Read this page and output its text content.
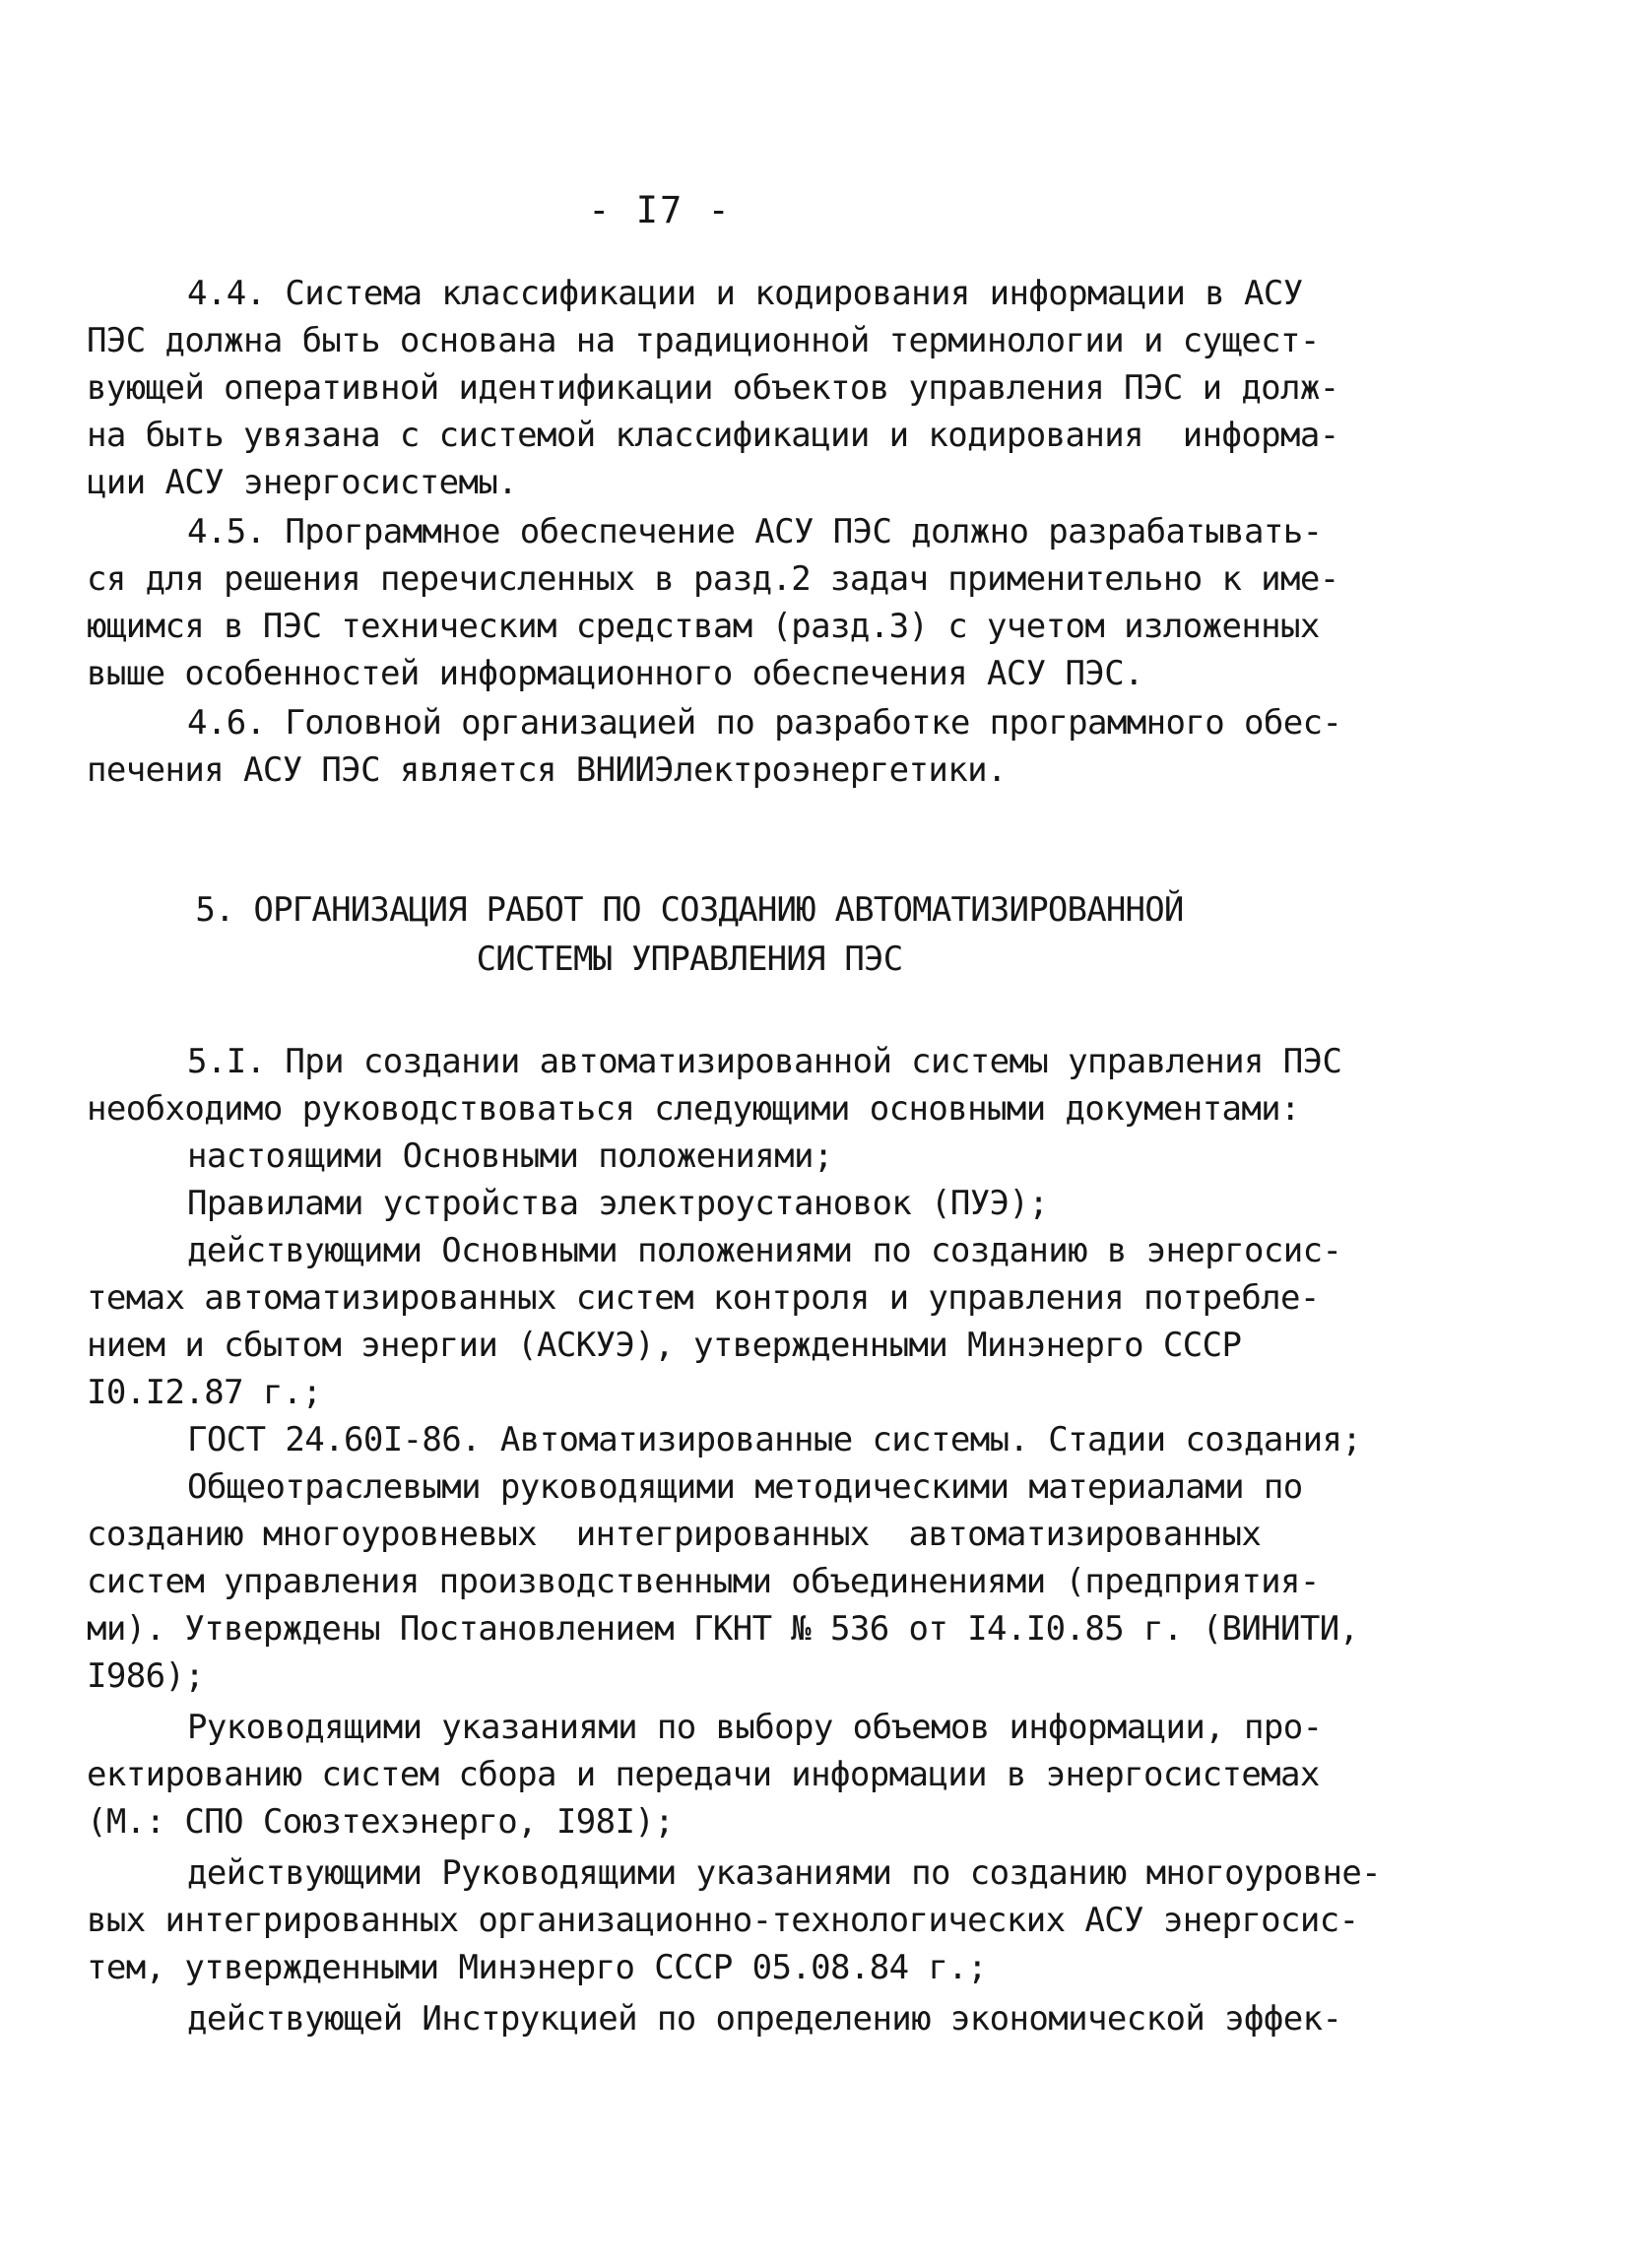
- I7 -
4.4. Система классификации и кодирования информации в АСУ
ПЭС должна быть основана на традиционной терминологии и сущест-
вующей оперативной идентификации объектов управления ПЭС и долж-
на быть увязана с системой классификации и кодирования  информа-
ции АСУ энергосистемы.
4.5. Программное обеспечение АСУ ПЭС должно разрабатывать-
ся для решения перечисленных в разд.2 задач применительно к име-
ющимся в ПЭС техническим средствам (разд.3) с учетом изложенных
выше особенностей информационного обеспечения АСУ ПЭС.
4.6. Головной организацией по разработке программного обес-
печения АСУ ПЭС является ВНИИЭлектроэнергетики.
5. ОРГАНИЗАЦИЯ РАБОТ ПО СОЗДАНИЮ АВТОМАТИЗИРОВАННОЙ
СИСТЕМЫ УПРАВЛЕНИЯ ПЭС
5.I. При создании автоматизированной системы управления ПЭС
необходимо руководствоваться следующими основными документами:
настоящими Основными положениями;
Правилами устройства электроустановок (ПУЭ);
действующими Основными положениями по созданию в энергосис-
темах автоматизированных систем контроля и управления потребле-
нием и сбытом энергии (АСКУЭ), утвержденными Минэнерго СССР
I0.I2.87 г.;
ГОСТ 24.60I-86. Автоматизированные системы. Стадии создания;
Общеотраслевыми руководящими методическими материалами по
созданию многоуровневых  интегрированных  автоматизированных
систем управления производственными объединениями (предприятия-
ми). Утверждены Постановлением ГКНТ № 536 от I4.I0.85 г. (ВИНИТИ,
I986);
Руководящими указаниями по выбору объемов информации, про-
ектированию систем сбора и передачи информации в энергосистемах
(М.: СПО Союзтехэнерго, I98I);
действующими Руководящими указаниями по созданию многоуровне-
вых интегрированных организационно-технологических АСУ энергосис-
тем, утвержденными Минэнерго СССР 05.08.84 г.;
действующей Инструкцией по определению экономической эффек-
